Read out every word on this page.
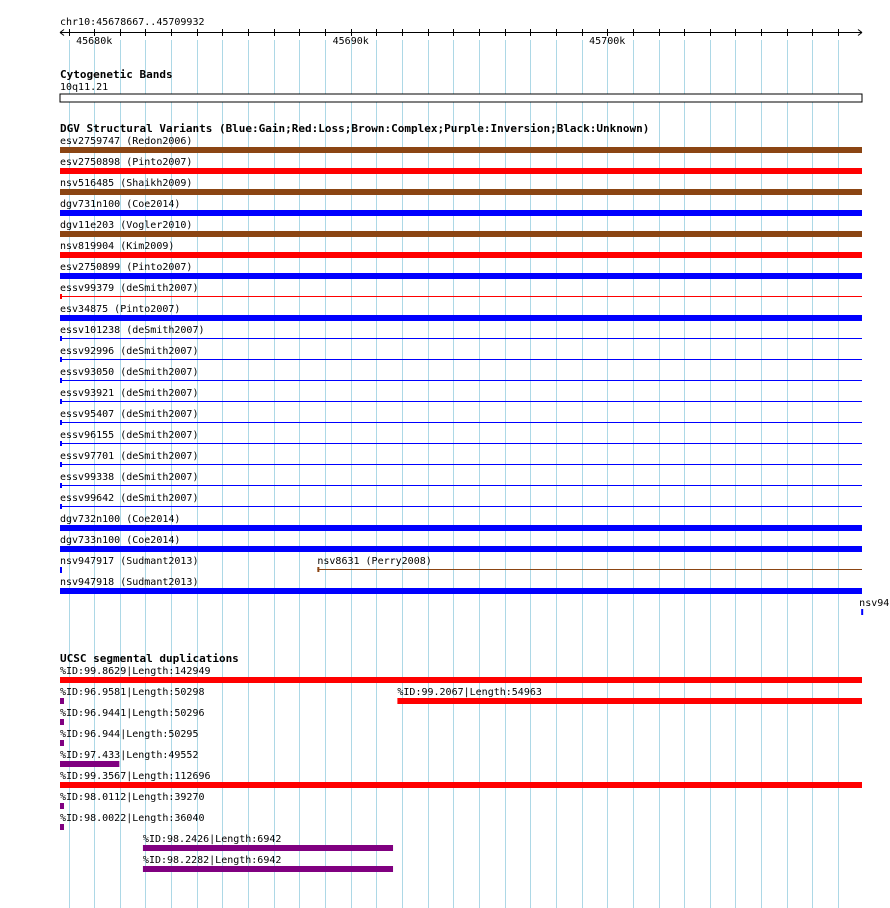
chr10:45678667..45709932
45680k	45690k	45700k
Cytogenetic Bands
10q11.21
DGV Structural Variants (Blue:Gain;Red:Loss;Brown:Complex;Purple:Inversion;Black:Unknown)
esv2759747 (Redon2006)
esv2750898 (Pinto2007)
nsv516485 (Shaikh2009)
dgv731n100 (Coe2014)
dgv11e203 (Vogler2010)
nsv819904 (Kim2009)
esv2750899 (Pinto2007)
essv99379 (deSmith2007)
esv34875 (Pinto2007)
essv101238 (deSmith2007)
essv92996 (deSmith2007)
essv93050 (deSmith2007)
essv93921 (deSmith2007)
essv95407 (deSmith2007)
essv96155 (deSmith2007)
essv97701 (deSmith2007)
essv99338 (deSmith2007)
essv99642 (deSmith2007)
dgv732n100 (Coe2014)
dgv733n100 (Coe2014)
nsv947917 (Sudmant2013)	nsv8631 (Perry2008)
nsv947918 (Sudmant2013)
nsv94
UCSC segmental duplications
%ID:99.8629|Length:142949
%ID:96.9581|Length:50298	%ID:99.2067|Length:54963
%ID:96.9441|Length:50296
%ID:96.944|Length:50295
%ID:97.433|Length:49552
%ID:99.3567|Length:112696
%ID:98.0112|Length:39270
%ID:98.0022|Length:36040
%ID:98.2426|Length:6942
%ID:98.2282|Length:6942
